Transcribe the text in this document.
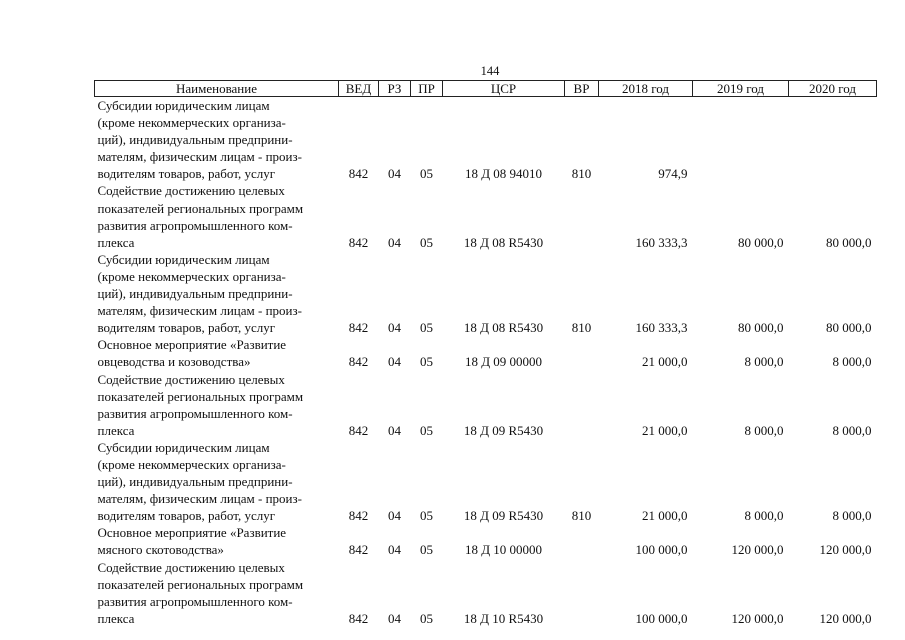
144
Наименование	ВЕД	РЗ	ПР	ЦСР	ВР	2018 год	2019 год	2020 год
Субсидии юридическим лицам
(кроме некоммерческих организа-
ций), индивидуальным предприни-
мателям, физическим лицам - произ-
водителям товаров, работ, услуг	842	04	05	18 Д 08 94010	810	974,9		
Содействие достижению целевых
показателей региональных программ
развития агропромышленного ком-
плекса	842	04	05	18 Д 08 R5430		160 333,3	80 000,0	80 000,0
Субсидии юридическим лицам
(кроме некоммерческих организа-
ций), индивидуальным предприни-
мателям, физическим лицам - произ-
водителям товаров, работ, услуг	842	04	05	18 Д 08 R5430	810	160 333,3	80 000,0	80 000,0
Основное мероприятие «Развитие
овцеводства и козоводства»	842	04	05	18 Д 09 00000		21 000,0	8 000,0	8 000,0
Содействие достижению целевых
показателей региональных программ
развития агропромышленного ком-
плекса	842	04	05	18 Д 09 R5430		21 000,0	8 000,0	8 000,0
Субсидии юридическим лицам
(кроме некоммерческих организа-
ций), индивидуальным предприни-
мателям, физическим лицам - произ-
водителям товаров, работ, услуг	842	04	05	18 Д 09 R5430	810	21 000,0	8 000,0	8 000,0
Основное мероприятие «Развитие
мясного скотоводства»	842	04	05	18 Д 10 00000		100 000,0	120 000,0	120 000,0
Содействие достижению целевых
показателей региональных программ
развития агропромышленного ком-
плекса	842	04	05	18 Д 10 R5430		100 000,0	120 000,0	120 000,0
